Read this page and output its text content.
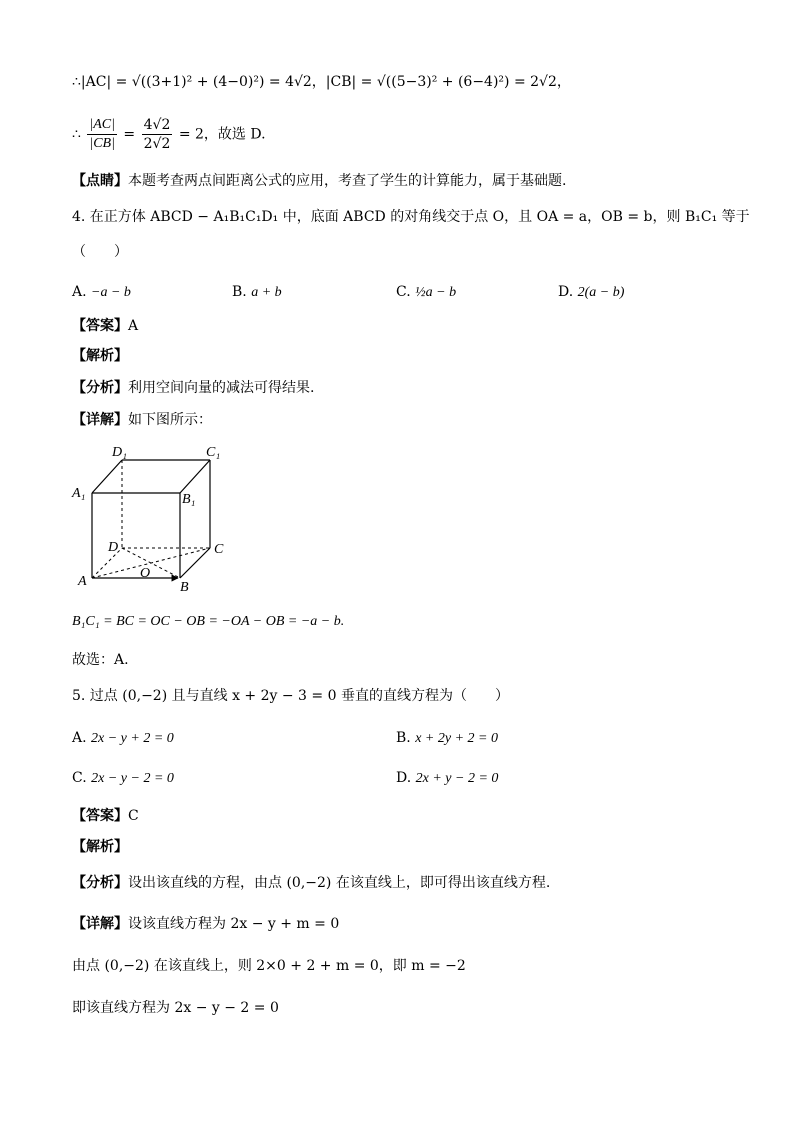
∴|AC| = √((3+1)² + (4−0)²) = 4√2，|CB| = √((5−3)² + (6−4)²) = 2√2，
∴ $\frac{|AC|}{|CB|} = \frac{4√2}{2√2} = 2$，故选 D.
【点睛】本题考查两点间距离公式的应用，考查了学生的计算能力，属于基础题.
4. 在正方体 ABCD − A₁B₁C₁D₁ 中，底面 ABCD 的对角线交于点 O，且 OA = a，OB = b，则 B₁C₁ 等于
（　　）
A. −a − b	B. a + b	C. ½a − b	D. 2(a − b)
【答案】A
【解析】
【分析】利用空间向量的减法可得结果.
【详解】如下图所示：
D₁	C₁
A₁	B₁
D	C
A
O
B
B₁C₁ = BC = OC − OB = −OA − OB = −a − b.
故选：A.
5. 过点 (0,−2) 且与直线 x + 2y − 3 = 0 垂直的直线方程为（　　）
A. 2x − y + 2 = 0	B. x + 2y + 2 = 0
C. 2x − y − 2 = 0	D. 2x + y − 2 = 0
【答案】C
【解析】
【分析】设出该直线的方程，由点 (0,−2) 在该直线上，即可得出该直线方程.
【详解】设该直线方程为 2x − y + m = 0
由点 (0,−2) 在该直线上，则 2×0 + 2 + m = 0，即 m = −2
即该直线方程为 2x − y − 2 = 0
